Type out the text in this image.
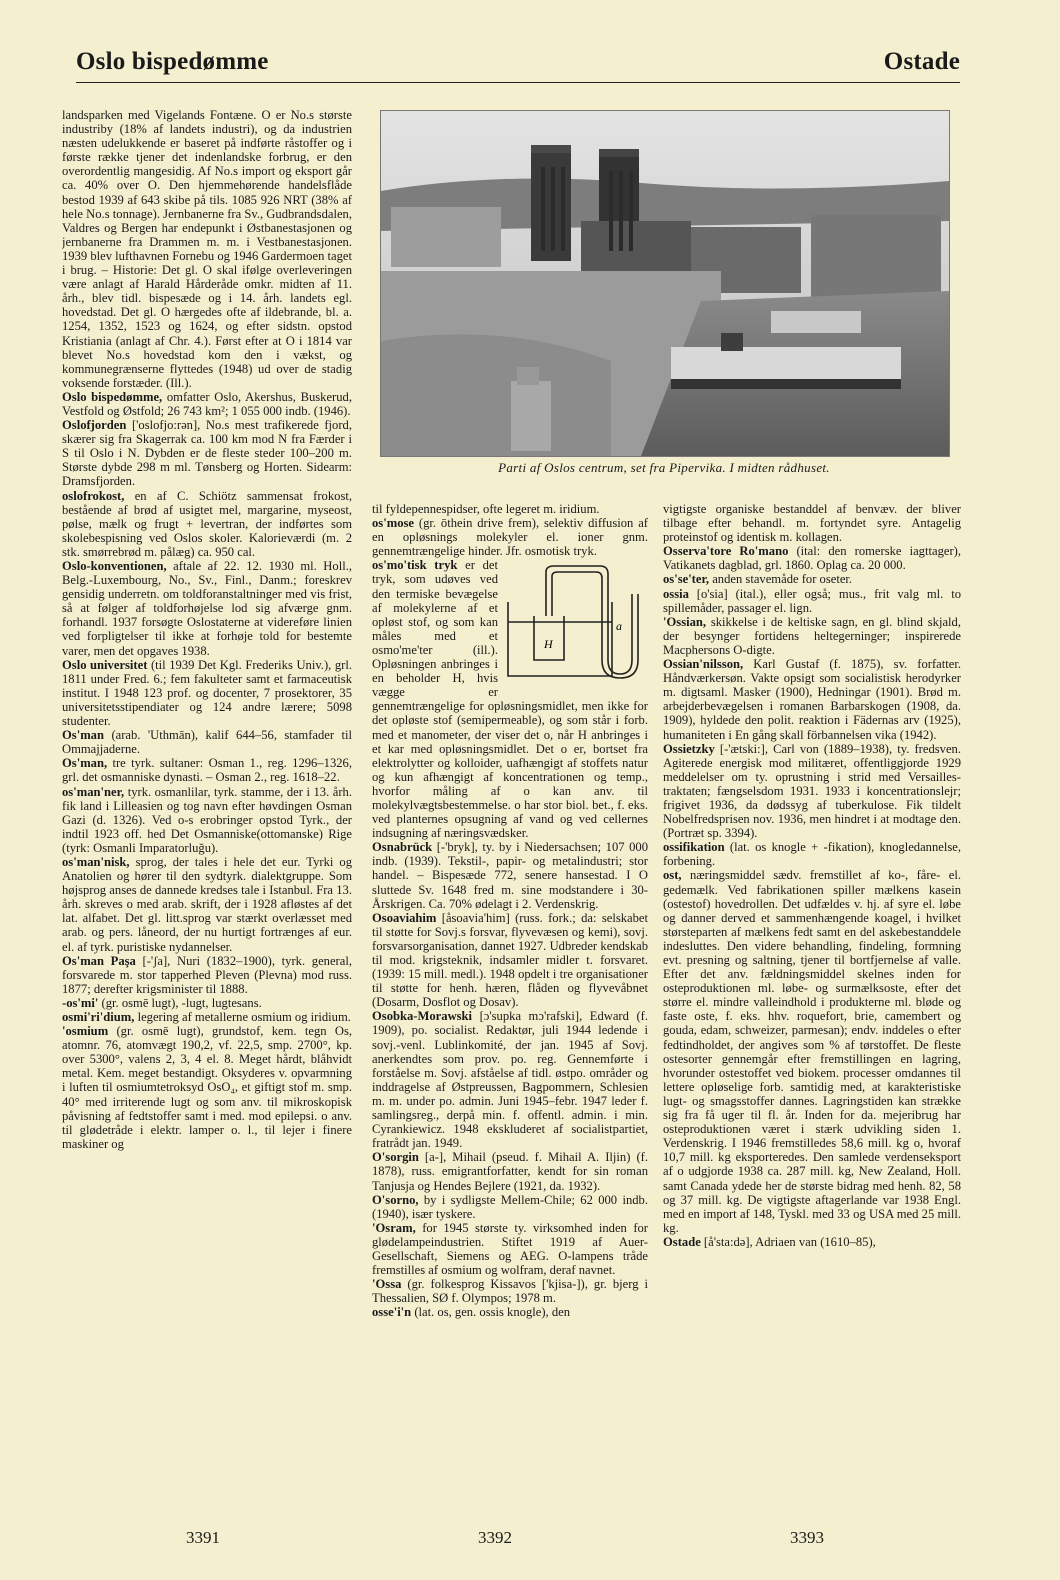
Oslo bispedømme	Ostade

landsparken med Vigelands Fontæne. O er No.s største industriby (18% af landets industri), og da industrien næsten udelukkende er baseret på indførte råstoffer og i første række tjener det indenlandske forbrug, er den overordentlig mangesidig. Af No.s import og eksport går ca. 40% over O. Den hjemmehørende handelsflåde bestod 1939 af 643 skibe på tils. 1085 926 NRT (38% af hele No.s tonnage). Jernbanerne fra Sv., Gudbrandsdalen, Valdres og Bergen har endepunkt i Østbanestasjonen og jernbanerne fra Drammen m. m. i Vestbanestasjonen. 1939 blev lufthavnen Fornebu og 1946 Gardermoen taget i brug. – Historie: Det gl. O skal ifølge overleveringen være anlagt af Harald Hårderåde omkr. midten af 11. årh., blev tidl. bispesæde og i 14. årh. landets egl. hovedstad. Det gl. O hærgedes ofte af ildebrande, bl. a. 1254, 1352, 1523 og 1624, og efter sidstn. opstod Kristiania (anlagt af Chr. 4.). Først efter at O i 1814 var blevet No.s hovedstad kom den i vækst, og kommunegrænserne flyttedes (1948) ud over de stadig voksende forstæder. (Ill.).

Oslo bispedømme, omfatter Oslo, Akershus, Buskerud, Vestfold og Østfold; 26 743 km²; 1 055 000 indb. (1946).

Oslofjorden ['oslofjo:rən], No.s mest trafikerede fjord, skærer sig fra Skagerrak ca. 100 km mod N fra Færder i S til Oslo i N. Dybden er de fleste steder 100–200 m. Største dybde 298 m ml. Tønsberg og Horten. Sidearm: Dramsfjorden.

oslofrokost, en af C. Schiötz sammensat frokost, bestående af brød af usigtet mel, margarine, myseost, pølse, mælk og frugt + levertran, der indførtes som skolebespisning ved Oslos skoler. Kalorieværdi (m. 2 stk. smørrebrød m. pålæg) ca. 950 cal.

Oslo-konventionen, aftale af 22. 12. 1930 ml. Holl., Belg.-Luxembourg, No., Sv., Finl., Danm.; foreskrev gensidig underretn. om toldforanstaltninger med vis frist, så at følger af toldforhøjelse lod sig afværge gnm. forhandl. 1937 forsøgte Oslostaterne at videreføre linien ved forpligtelser til ikke at forhøje told for bestemte varer, men det opgaves 1938.

Oslo universitet (til 1939 Det Kgl. Frederiks Univ.), grl. 1811 under Fred. 6.; fem fakulteter samt et farmaceutisk institut. I 1948 123 prof. og docenter, 7 prosektorer, 35 universitetsstipendiater og 124 andre lærere; 5098 studenter.

Os'man (arab. 'Uthmān), kalif 644–56, stamfader til Ommajjaderne.

Os'man, tre tyrk. sultaner: Osman 1., reg. 1296–1326, grl. det osmanniske dynasti. – Osman 2., reg. 1618–22.

os'man'ner, tyrk. osmanlilar, tyrk. stamme, der i 13. årh. fik land i Lilleasien og tog navn efter høvdingen Osman Gazi (d. 1326). Ved o-s erobringer opstod Tyrk., der indtil 1923 off. hed Det Osmanniske(ottomanske) Rige (tyrk: Osmanli Imparatorluğu).

os'man'nisk, sprog, der tales i hele det eur. Tyrki og Anatolien og hører til den sydtyrk. dialektgruppe. Som højsprog anses de dannede kredses tale i Istanbul. Fra 13. årh. skreves o med arab. skrift, der i 1928 afløstes af det lat. alfabet. Det gl. litt.sprog var stærkt overlæsset med arab. og pers. låneord, der nu hurtigt fortrænges af eur. el. af tyrk. puristiske nydannelser.

Os'man Paşa [-'ʃa], Nuri (1832–1900), tyrk. general, forsvarede m. stor tapperhed Pleven (Plevna) mod russ. 1877; derefter krigsminister til 1888.

-os'mi' (gr. osmē lugt), -lugt, lugtesans.

osmi'ri'dium, legering af metallerne osmium og iridium.

'osmium (gr. osmē lugt), grundstof, kem. tegn Os, atomnr. 76, atomvægt 190,2, vf. 22,5, smp. 2700°, kp. over 5300°, valens 2, 3, 4 el. 8. Meget hårdt, blåhvidt metal. Kem. meget bestandigt. Oksyderes v. opvarmning i luften til osmiumtetroksyd OsO₄, et giftigt stof m. smp. 40° med irriterende lugt og som anv. til mikroskopisk påvisning af fedtstoffer samt i med. mod epilepsi. o anv. til glødetråde i elektr. lamper o. l., til lejer i finere maskiner og

Parti af Oslos centrum, set fra Pipervika. I midten rådhuset.

til fyldepennespidser, ofte legeret m. iridium.

os'mose (gr. ōthein drive frem), selektiv diffusion af en opløsnings molekyler el. ioner gnm. gennemtrængelige hinder. Jfr. osmotisk tryk.

H
a
os'mo'tisk tryk er det tryk, som udøves ved den termiske bevægelse af molekylerne af et opløst stof, og som kan måles med et osmo'me'ter (ill.). Opløsningen anbringes i en beholder H, hvis vægge er gennemtrængelige for opløsningsmidlet, men ikke for det opløste stof (semipermeable), og som står i forb. med et manometer, der viser det o, når H anbringes i et kar med opløsningsmidlet. Det o er, bortset fra elektrolytter og kolloider, uafhængigt af stoffets natur og kun afhængigt af koncentrationen og temp., hvorfor måling af o kan anv. til molekylvægtsbestemmelse. o har stor biol. bet., f. eks. ved planternes opsugning af vand og ved cellernes indsugning af næringsvædsker.

Osnabrück [-'bryk], ty. by i Niedersachsen; 107 000 indb. (1939). Tekstil-, papir- og metalindustri; stor handel. – Bispesæde 772, senere hansestad. I O sluttede Sv. 1648 fred m. sine modstandere i 30-Årskrigen. Ca. 70% ødelagt i 2. Verdenskrig.

Osoaviahim [åsoavia'him] (russ. fork.; da: selskabet til støtte for Sovj.s forsvar, flyvevæsen og kemi), sovj. forsvarsorganisation, dannet 1927. Udbreder kendskab til mod. krigsteknik, indsamler midler t. forsvaret. (1939: 15 mill. medl.). 1948 opdelt i tre organisationer til støtte for henh. hæren, flåden og flyvevåbnet (Dosarm, Dosflot og Dosav).

Osobka-Morawski [ɔ'supka mɔ'rafski], Edward (f. 1909), po. socialist. Redaktør, juli 1944 ledende i sovj.-venl. Lublinkomité, der jan. 1945 af Sovj. anerkendtes som prov. po. reg. Gennemførte i forståelse m. Sovj. afståelse af tidl. østpo. områder og inddragelse af Østpreussen, Bagpommern, Schlesien m. m. under po. admin. Juni 1945–febr. 1947 leder f. samlingsreg., derpå min. f. offentl. admin. i min. Cyrankiewicz. 1948 ekskluderet af socialistpartiet, fratrådt jan. 1949.

O'sorgin [a-], Mihail (pseud. f. Mihail A. Iljin) (f. 1878), russ. emigrantforfatter, kendt for sin roman Tanjusja og Hendes Bejlere (1921, da. 1932).

O'sorno, by i sydligste Mellem-Chile; 62 000 indb. (1940), især tyskere.

'Osram, for 1945 største ty. virksomhed inden for glødelampeindustrien. Stiftet 1919 af Auer-Gesellschaft, Siemens og AEG. O-lampens tråde fremstilles af osmium og wolfram, deraf navnet.

'Ossa (gr. folkesprog Kissavos ['kjisa-]), gr. bjerg i Thessalien, SØ f. Olympos; 1978 m.

osse'i'n (lat. os, gen. ossis knogle), den

vigtigste organiske bestanddel af benvæv. der bliver tilbage efter behandl. m. fortyndet syre. Antagelig proteinstof og identisk m. kollagen.

Osserva'tore Ro'mano (ital: den romerske iagttager), Vatikanets dagblad, grl. 1860. Oplag ca. 20 000.

os'se'ter, anden stavemåde for oseter.

ossia [o'sia] (ital.), eller også; mus., frit valg ml. to spillemåder, passager el. lign.

'Ossian, skikkelse i de keltiske sagn, en gl. blind skjald, der besynger fortidens heltegerninger; inspirerede Macphersons O-digte.

Ossian'nilsson, Karl Gustaf (f. 1875), sv. forfatter. Håndværkersøn. Vakte opsigt som socialistisk herodyrker m. digtsaml. Masker (1900), Hedningar (1901). Brød m. arbejderbevægelsen i romanen Barbarskogen (1908, da. 1909), hyldede den polit. reaktion i Fädernas arv (1925), humaniteten i En gång skall förbannelsen vika (1942).

Ossietzky [-'ætski:], Carl von (1889–1938), ty. fredsven. Agiterede energisk mod militæret, offentliggjorde 1929 meddelelser om ty. oprustning i strid med Versailles-traktaten; fængselsdom 1931. 1933 i koncentrationslejr; frigivet 1936, da dødssyg af tuberkulose. Fik tildelt Nobelfredsprisen nov. 1936, men hindret i at modtage den. (Portræt sp. 3394).

ossifikation (lat. os knogle + -fikation), knogledannelse, forbening.

ost, næringsmiddel sædv. fremstillet af ko-, fåre- el. gedemælk. Ved fabrikationen spiller mælkens kasein (ostestof) hovedrollen. Det udfældes v. hj. af syre el. løbe og danner derved et sammenhængende koagel, i hvilket størsteparten af mælkens fedt samt en del askebestanddele indesluttes. Den videre behandling, findeling, formning evt. presning og saltning, tjener til bortfjernelse af valle. Efter det anv. fældningsmiddel skelnes inden for osteproduktionen ml. løbe- og surmælksoste, efter det større el. mindre valleindhold i produkterne ml. bløde og faste oste, f. eks. hhv. roquefort, brie, camembert og gouda, edam, schweizer, parmesan); endv. inddeles o efter fedtindholdet, der angives som % af tørstoffet. De fleste ostesorter gennemgår efter fremstillingen en lagring, hvorunder ostestoffet ved biokem. processer omdannes til lettere opløselige forb. samtidig med, at karakteristiske lugt- og smagsstoffer dannes. Lagringstiden kan strække sig fra få uger til fl. år. Inden for da. mejeribrug har osteproduktionen været i stærk udvikling siden 1. Verdenskrig. I 1946 fremstilledes 58,6 mill. kg o, hvoraf 10,7 mill. kg eksporteredes. Den samlede verdenseksport af o udgjorde 1938 ca. 287 mill. kg, New Zealand, Holl. samt Canada ydede her de største bidrag med henh. 82, 58 og 37 mill. kg. De vigtigste aftagerlande var 1938 Engl. med en import af 148, Tyskl. med 33 og USA med 25 mill. kg.

Ostade [å'sta:də], Adriaen van (1610–85),

3391	3392	3393
